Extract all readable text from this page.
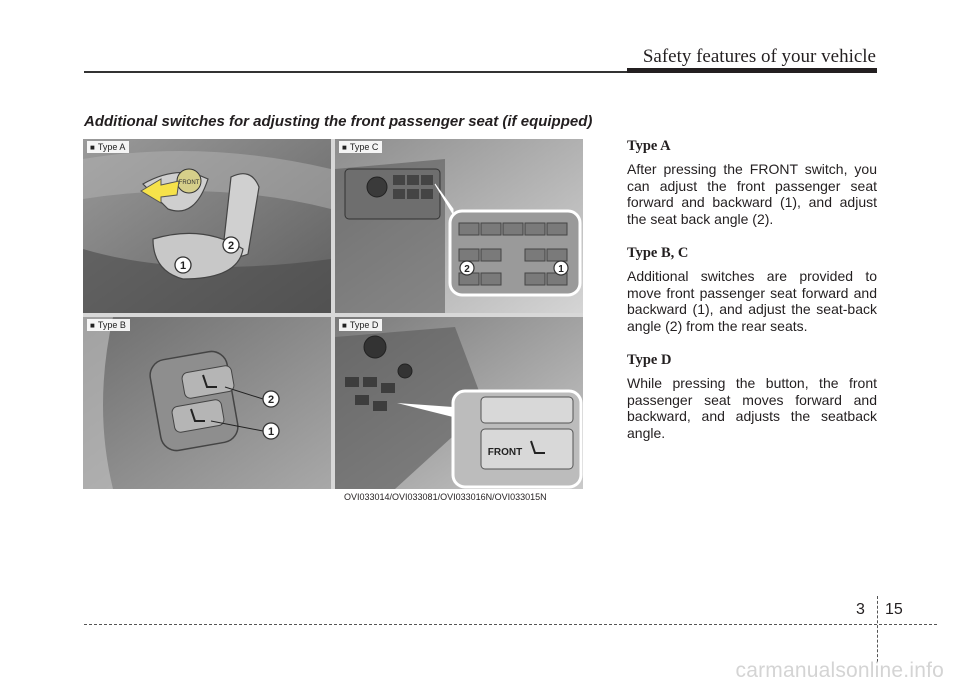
Safety features of your vehicle
Additional switches for adjusting the front passenger seat (if equipped)
FRONT
2
1
■ Type A
2	1
■ Type C
2
1
■ Type B
FRONT
■ Type D
OVI033014/OVI033081/OVI033016N/OVI033015N
Type A

After pressing the FRONT switch, you can adjust the front passenger seat forward and backward (1), and adjust the seat back angle (2).

Type B, C

Additional switches are provided to move front passenger seat forward and backward (1), and adjust the seat-back angle (2) from the rear seats.

Type D

While pressing the button, the front passenger seat moves forward and backward, and adjusts the seatback angle.

3 15
carmanualsonline.info
